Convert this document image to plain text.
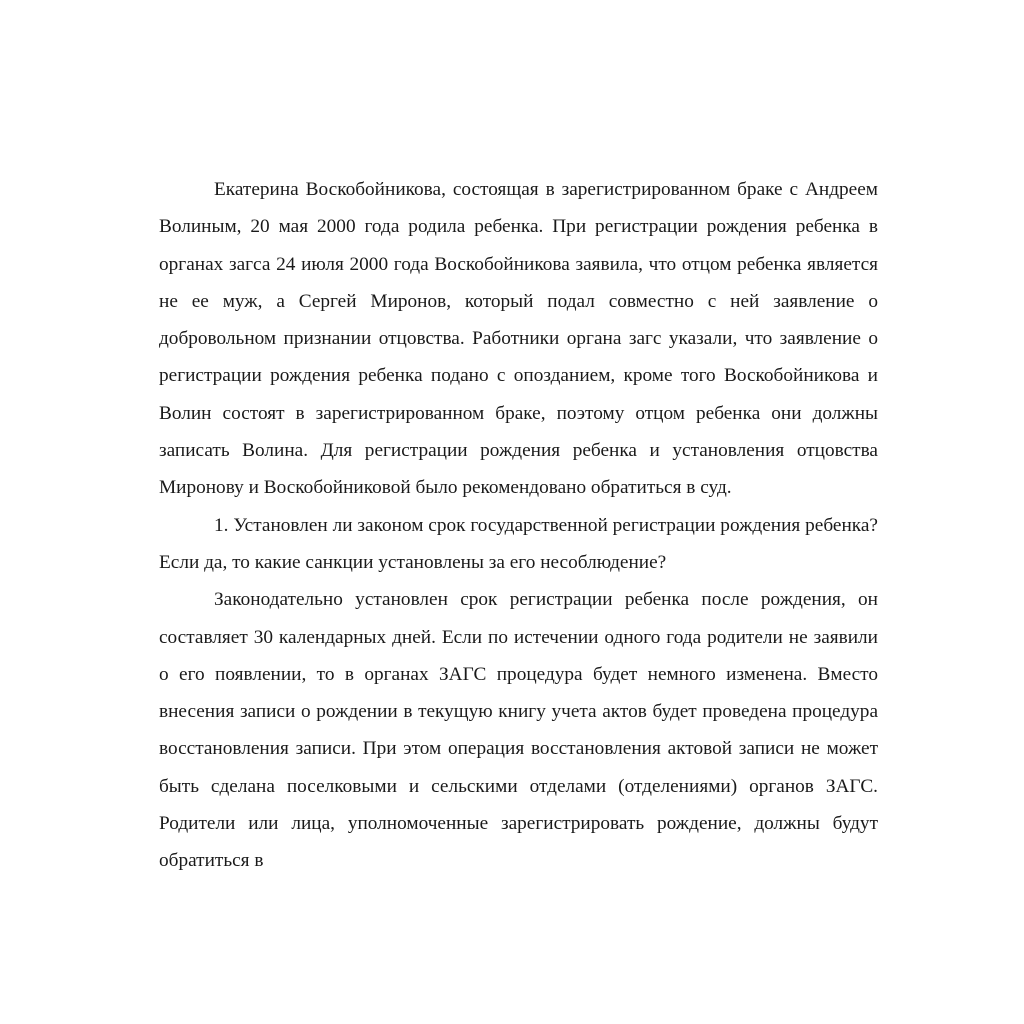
Екатерина Воскобойникова, состоящая в зарегистрированном браке с Андреем Волиным, 20 мая 2000 года родила ребенка. При регистрации рождения ребенка в органах загса 24 июля 2000 года Воскобойникова заявила, что отцом ребенка является не ее муж, а Сергей Миронов, который подал совместно с ней заявление о добровольном признании отцовства. Работники органа загс указали, что заявление о регистрации рождения ребенка подано с опозданием, кроме того Воскобойникова и Волин состоят в зарегистрированном браке, поэтому отцом ребенка они должны записать Волина. Для регистрации рождения ребенка и установления отцовства Миронову и Воскобойниковой было рекомендовано обратиться в суд.

1. Установлен ли законом срок государственной регистрации рождения ребенка? Если да, то какие санкции установлены за его несоблюдение?

Законодательно установлен срок регистрации ребенка после рождения, он составляет 30 календарных дней. Если по истечении одного года родители не заявили о его появлении, то в органах ЗАГС процедура будет немного изменена. Вместо внесения записи о рождении в текущую книгу учета актов будет проведена процедура восстановления записи. При этом операция восстановления актовой записи не может быть сделана поселковыми и сельскими отделами (отделениями) органов ЗАГС. Родители или лица, уполномоченные зарегистрировать рождение, должны будут обратиться в
